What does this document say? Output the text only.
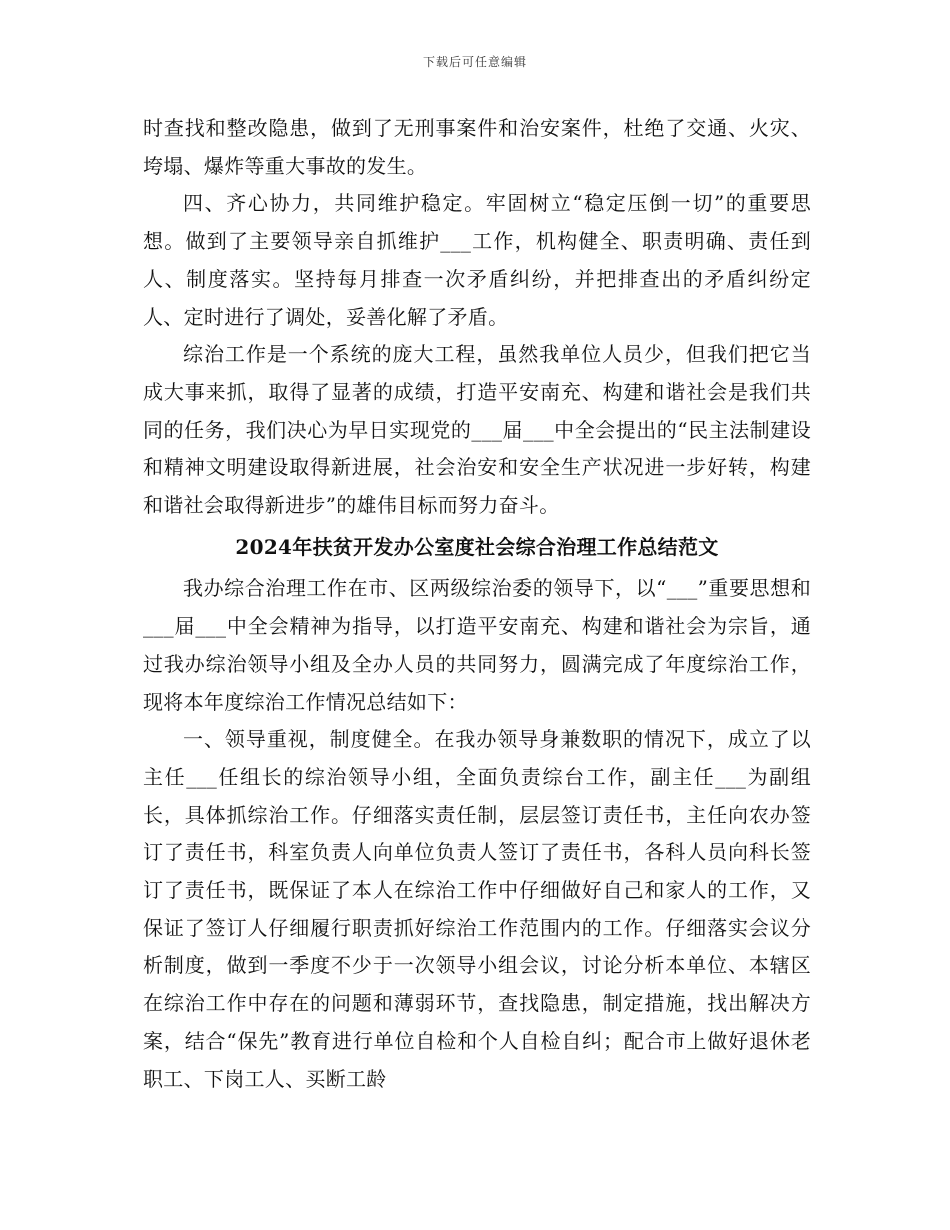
下载后可任意编辑

时查找和整改隐患，做到了无刑事案件和治安案件，杜绝了交通、火灾、垮塌、爆炸等重大事故的发生。

四、齐心协力，共同维护稳定。牢固树立“稳定压倒一切”的重要思想。做到了主要领导亲自抓维护___工作，机构健全、职责明确、责任到人、制度落实。坚持每月排查一次矛盾纠纷，并把排查出的矛盾纠纷定人、定时进行了调处，妥善化解了矛盾。

综治工作是一个系统的庞大工程，虽然我单位人员少，但我们把它当成大事来抓，取得了显著的成绩，打造平安南充、构建和谐社会是我们共同的任务，我们决心为早日实现党的___届___中全会提出的“民主法制建设和精神文明建设取得新进展，社会治安和安全生产状况进一步好转，构建和谐社会取得新进步”的雄伟目标而努力奋斗。

2024年扶贫开发办公室度社会综合治理工作总结范文

我办综合治理工作在市、区两级综治委的领导下，以“___”重要思想和___届___中全会精神为指导，以打造平安南充、构建和谐社会为宗旨，通过我办综治领导小组及全办人员的共同努力，圆满完成了年度综治工作，现将本年度综治工作情况总结如下：

一、领导重视，制度健全。在我办领导身兼数职的情况下，成立了以主任___任组长的综治领导小组，全面负责综台工作，副主任___为副组长，具体抓综治工作。仔细落实责任制，层层签订责任书，主任向农办签订了责任书，科室负责人向单位负责人签订了责任书，各科人员向科长签订了责任书，既保证了本人在综治工作中仔细做好自己和家人的工作，又保证了签订人仔细履行职责抓好综治工作范围内的工作。仔细落实会议分析制度，做到一季度不少于一次领导小组会议，讨论分析本单位、本辖区在综治工作中存在的问题和薄弱环节，查找隐患，制定措施，找出解决方案，结合“保先”教育进行单位自检和个人自检自纠；配合市上做好退休老职工、下岗工人、买断工龄
